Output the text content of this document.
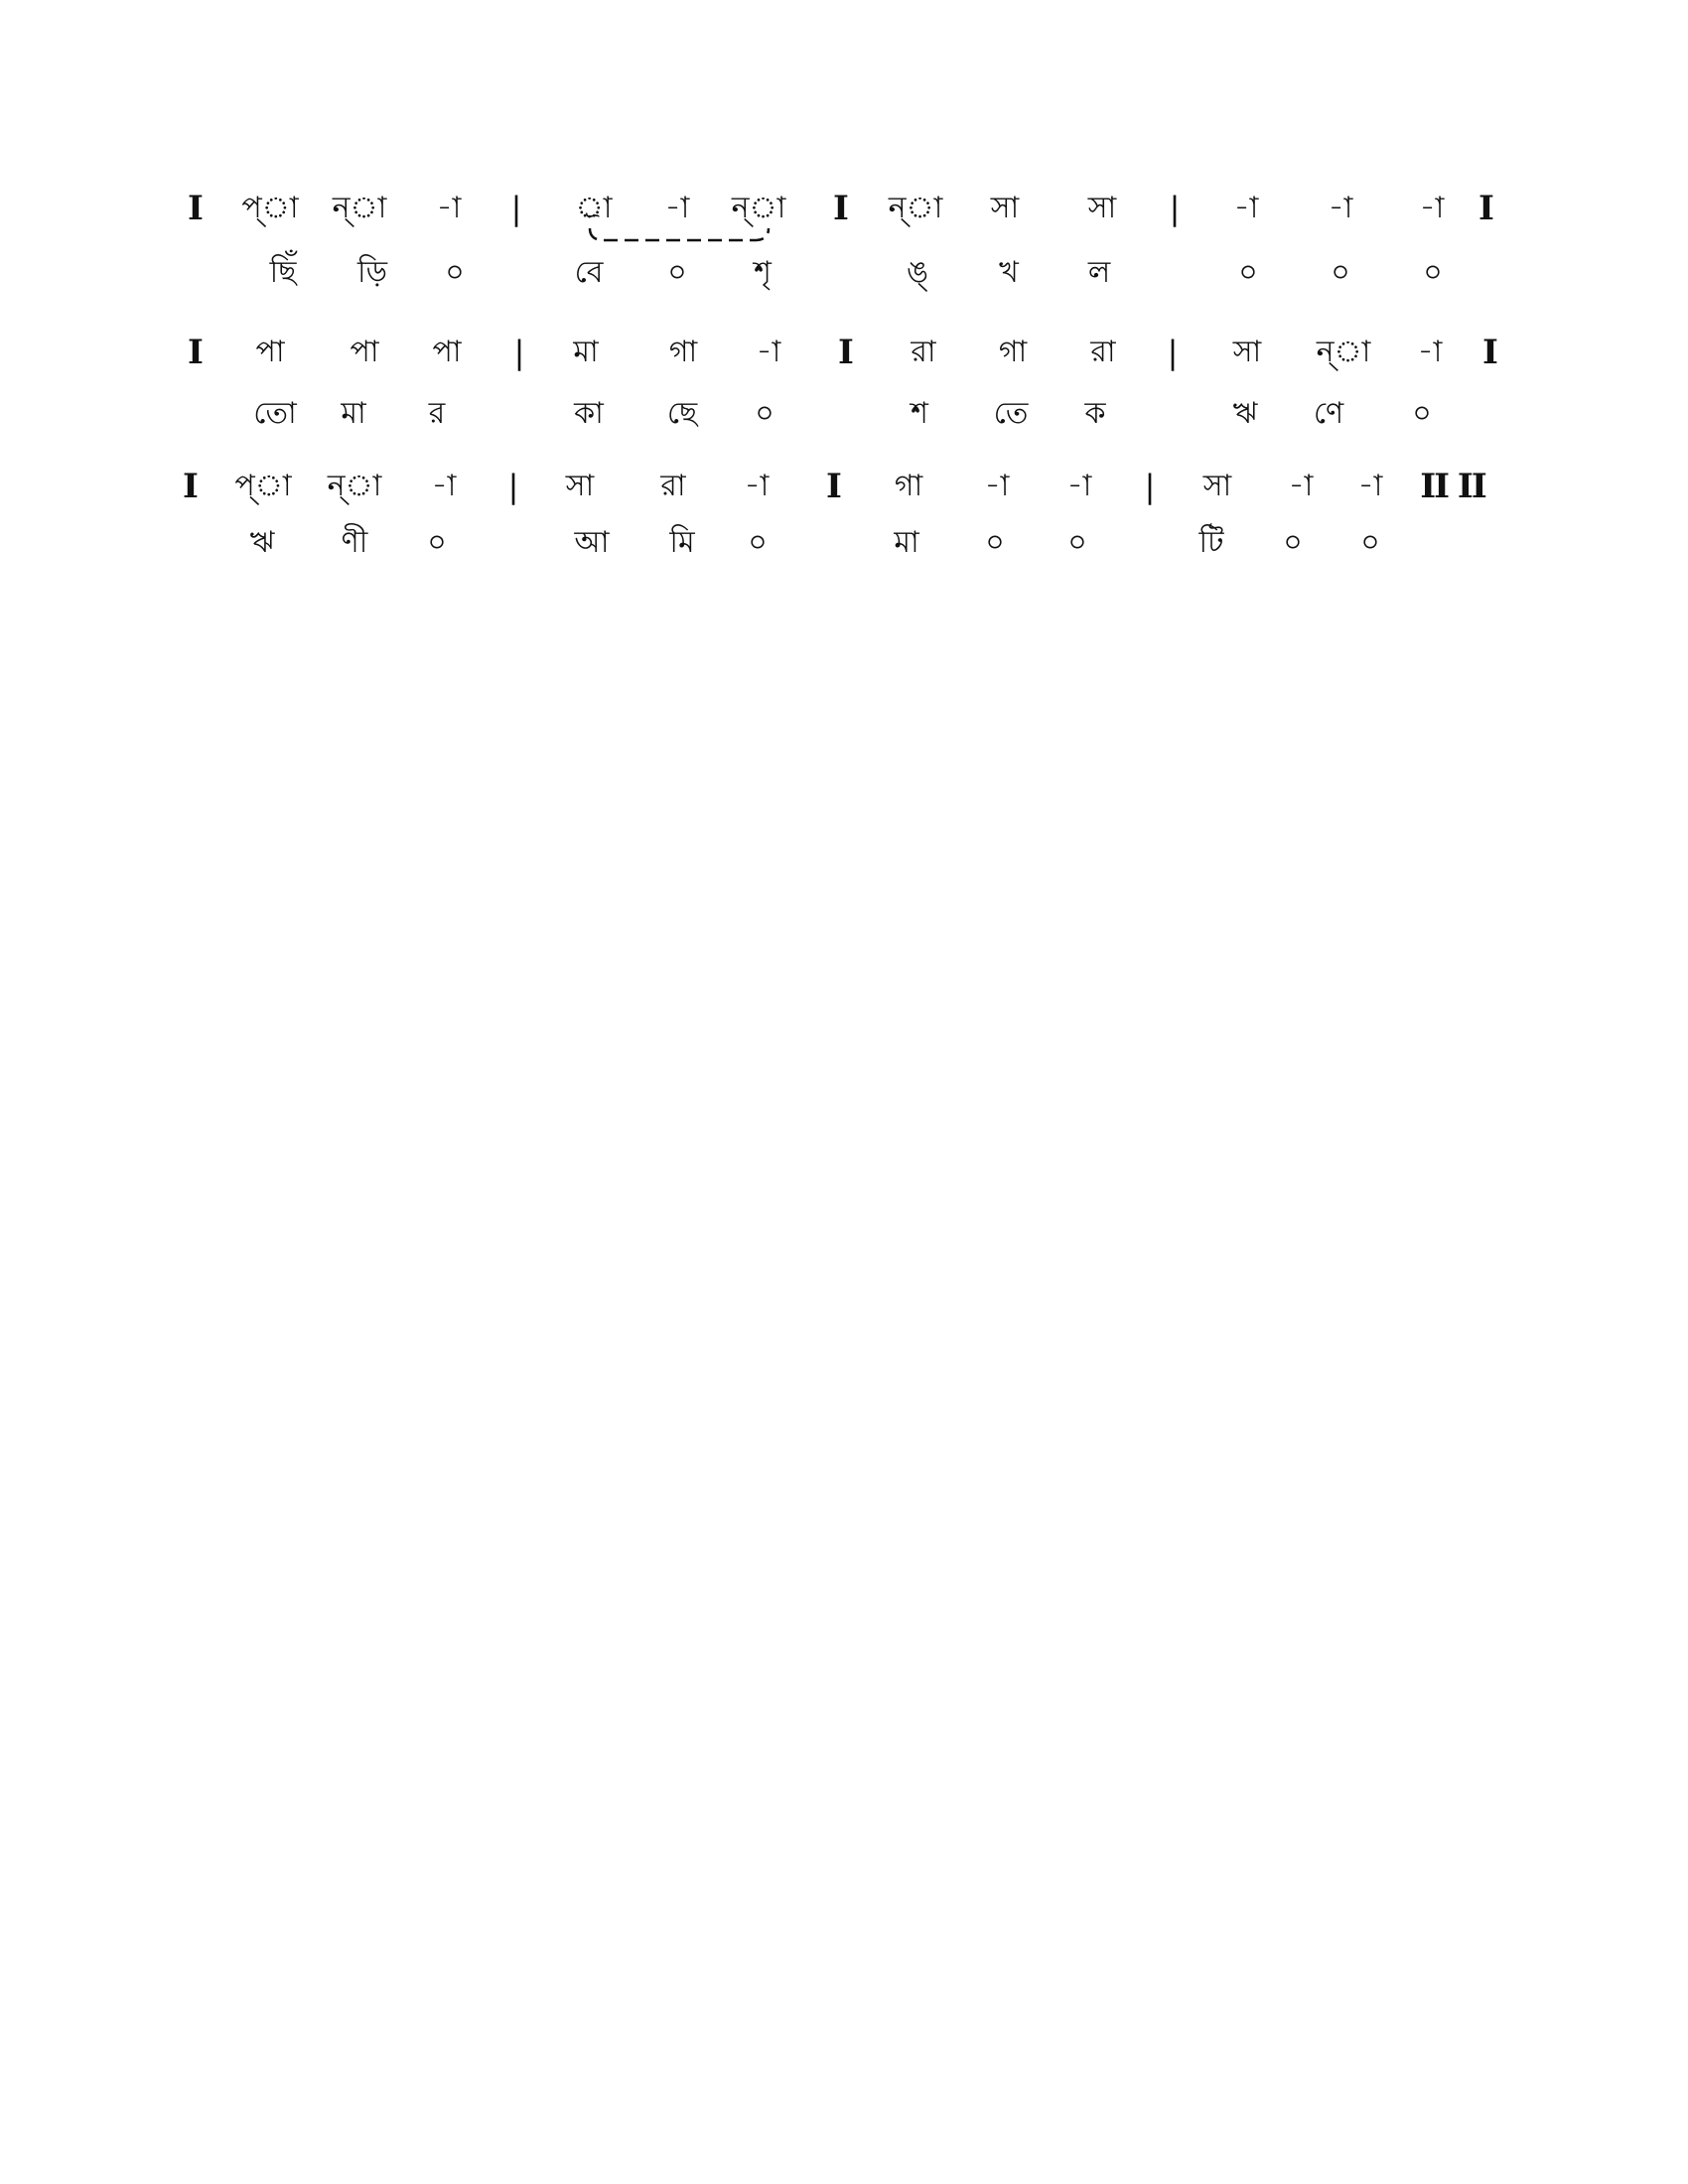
I প্‌া ন্‌া -া | র্‌া -া ন্‌া I ন্‌া সা সা | -া -া -া I
ছিঁ ড়ি ০	বে ০ শৃ	ঙ্‌ খ ল	০ ০ ০
I পা পা পা | মা গা -া I রা গা রা | সা ন্‌া -া I
তো মা র	কা ছে ০	শ তে ক	ঋ ণে ০
I প্‌া ন্‌া -া | সা রা -া I গা -া -া | সা -া -া II II
ঋ ণী ০	আ মি ০	মা ০ ০	টি ০ ০
